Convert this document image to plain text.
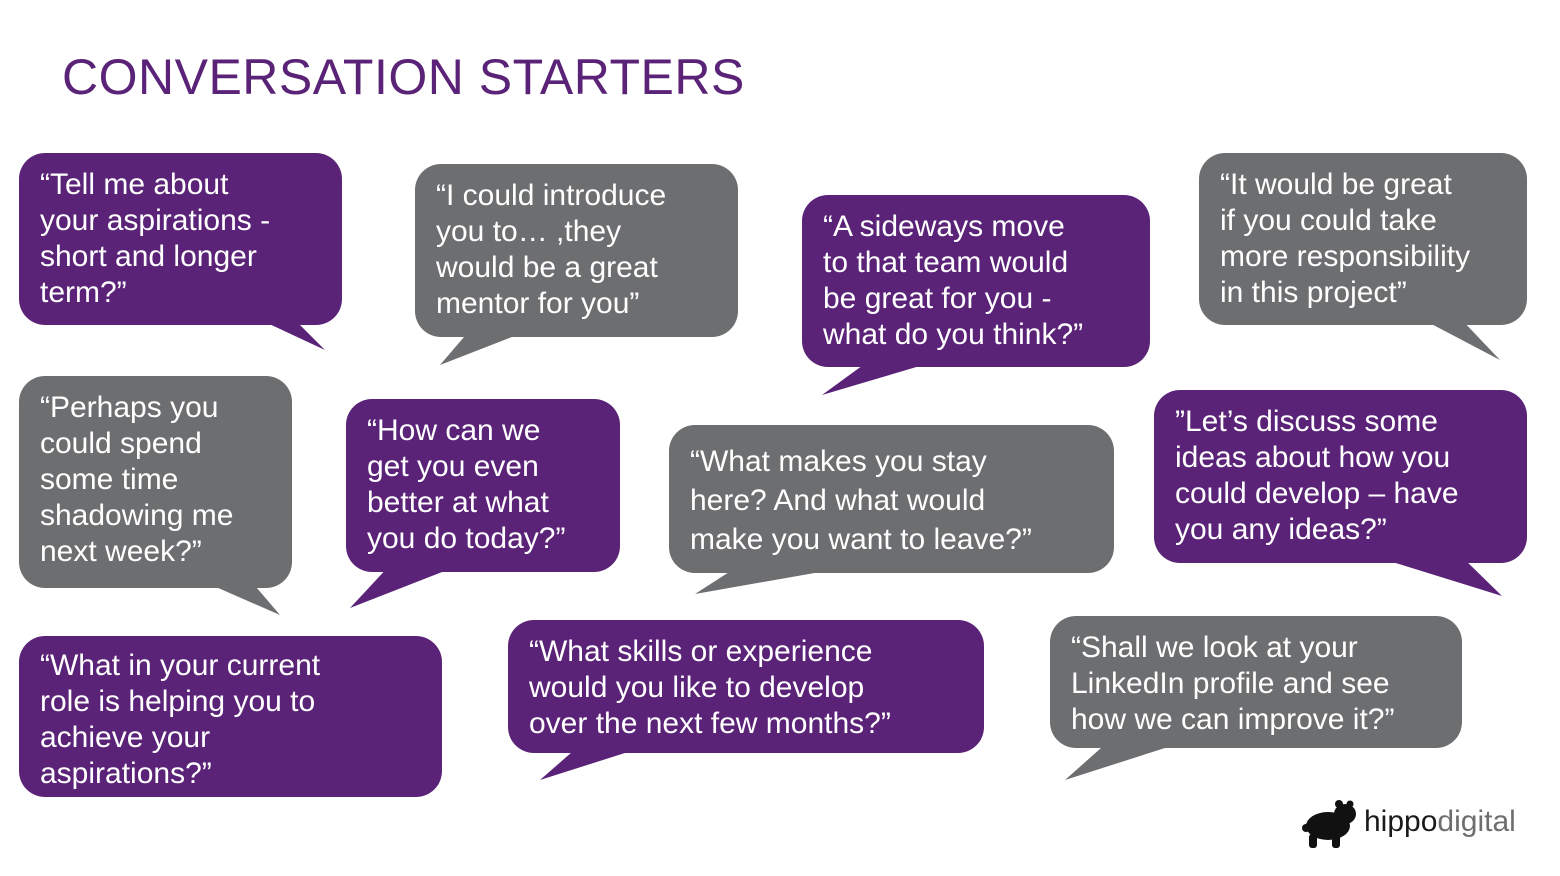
CONVERSATION STARTERS
“Tell me about
your aspirations -
short and longer
term?”
“I could introduce
you to… ,they
would be a great
mentor for you”
“A sideways move
to that team would
be great for you -
what do you think?”
“It would be great
if you could take
more responsibility
in this project”
“Perhaps you
could spend
some time
shadowing me
next week?”
“How can we
get you even
better at what
you do today?”
“What makes you stay
here? And what would
make you want to leave?”
”Let’s discuss some
ideas about how you
could develop – have
you any ideas?”
“What in your current
role is helping you to
achieve your
aspirations?”
“What skills or experience
would you like to develop
over the next few months?”
“Shall we look at your
LinkedIn profile and see
how we can improve it?”
hippodigital
